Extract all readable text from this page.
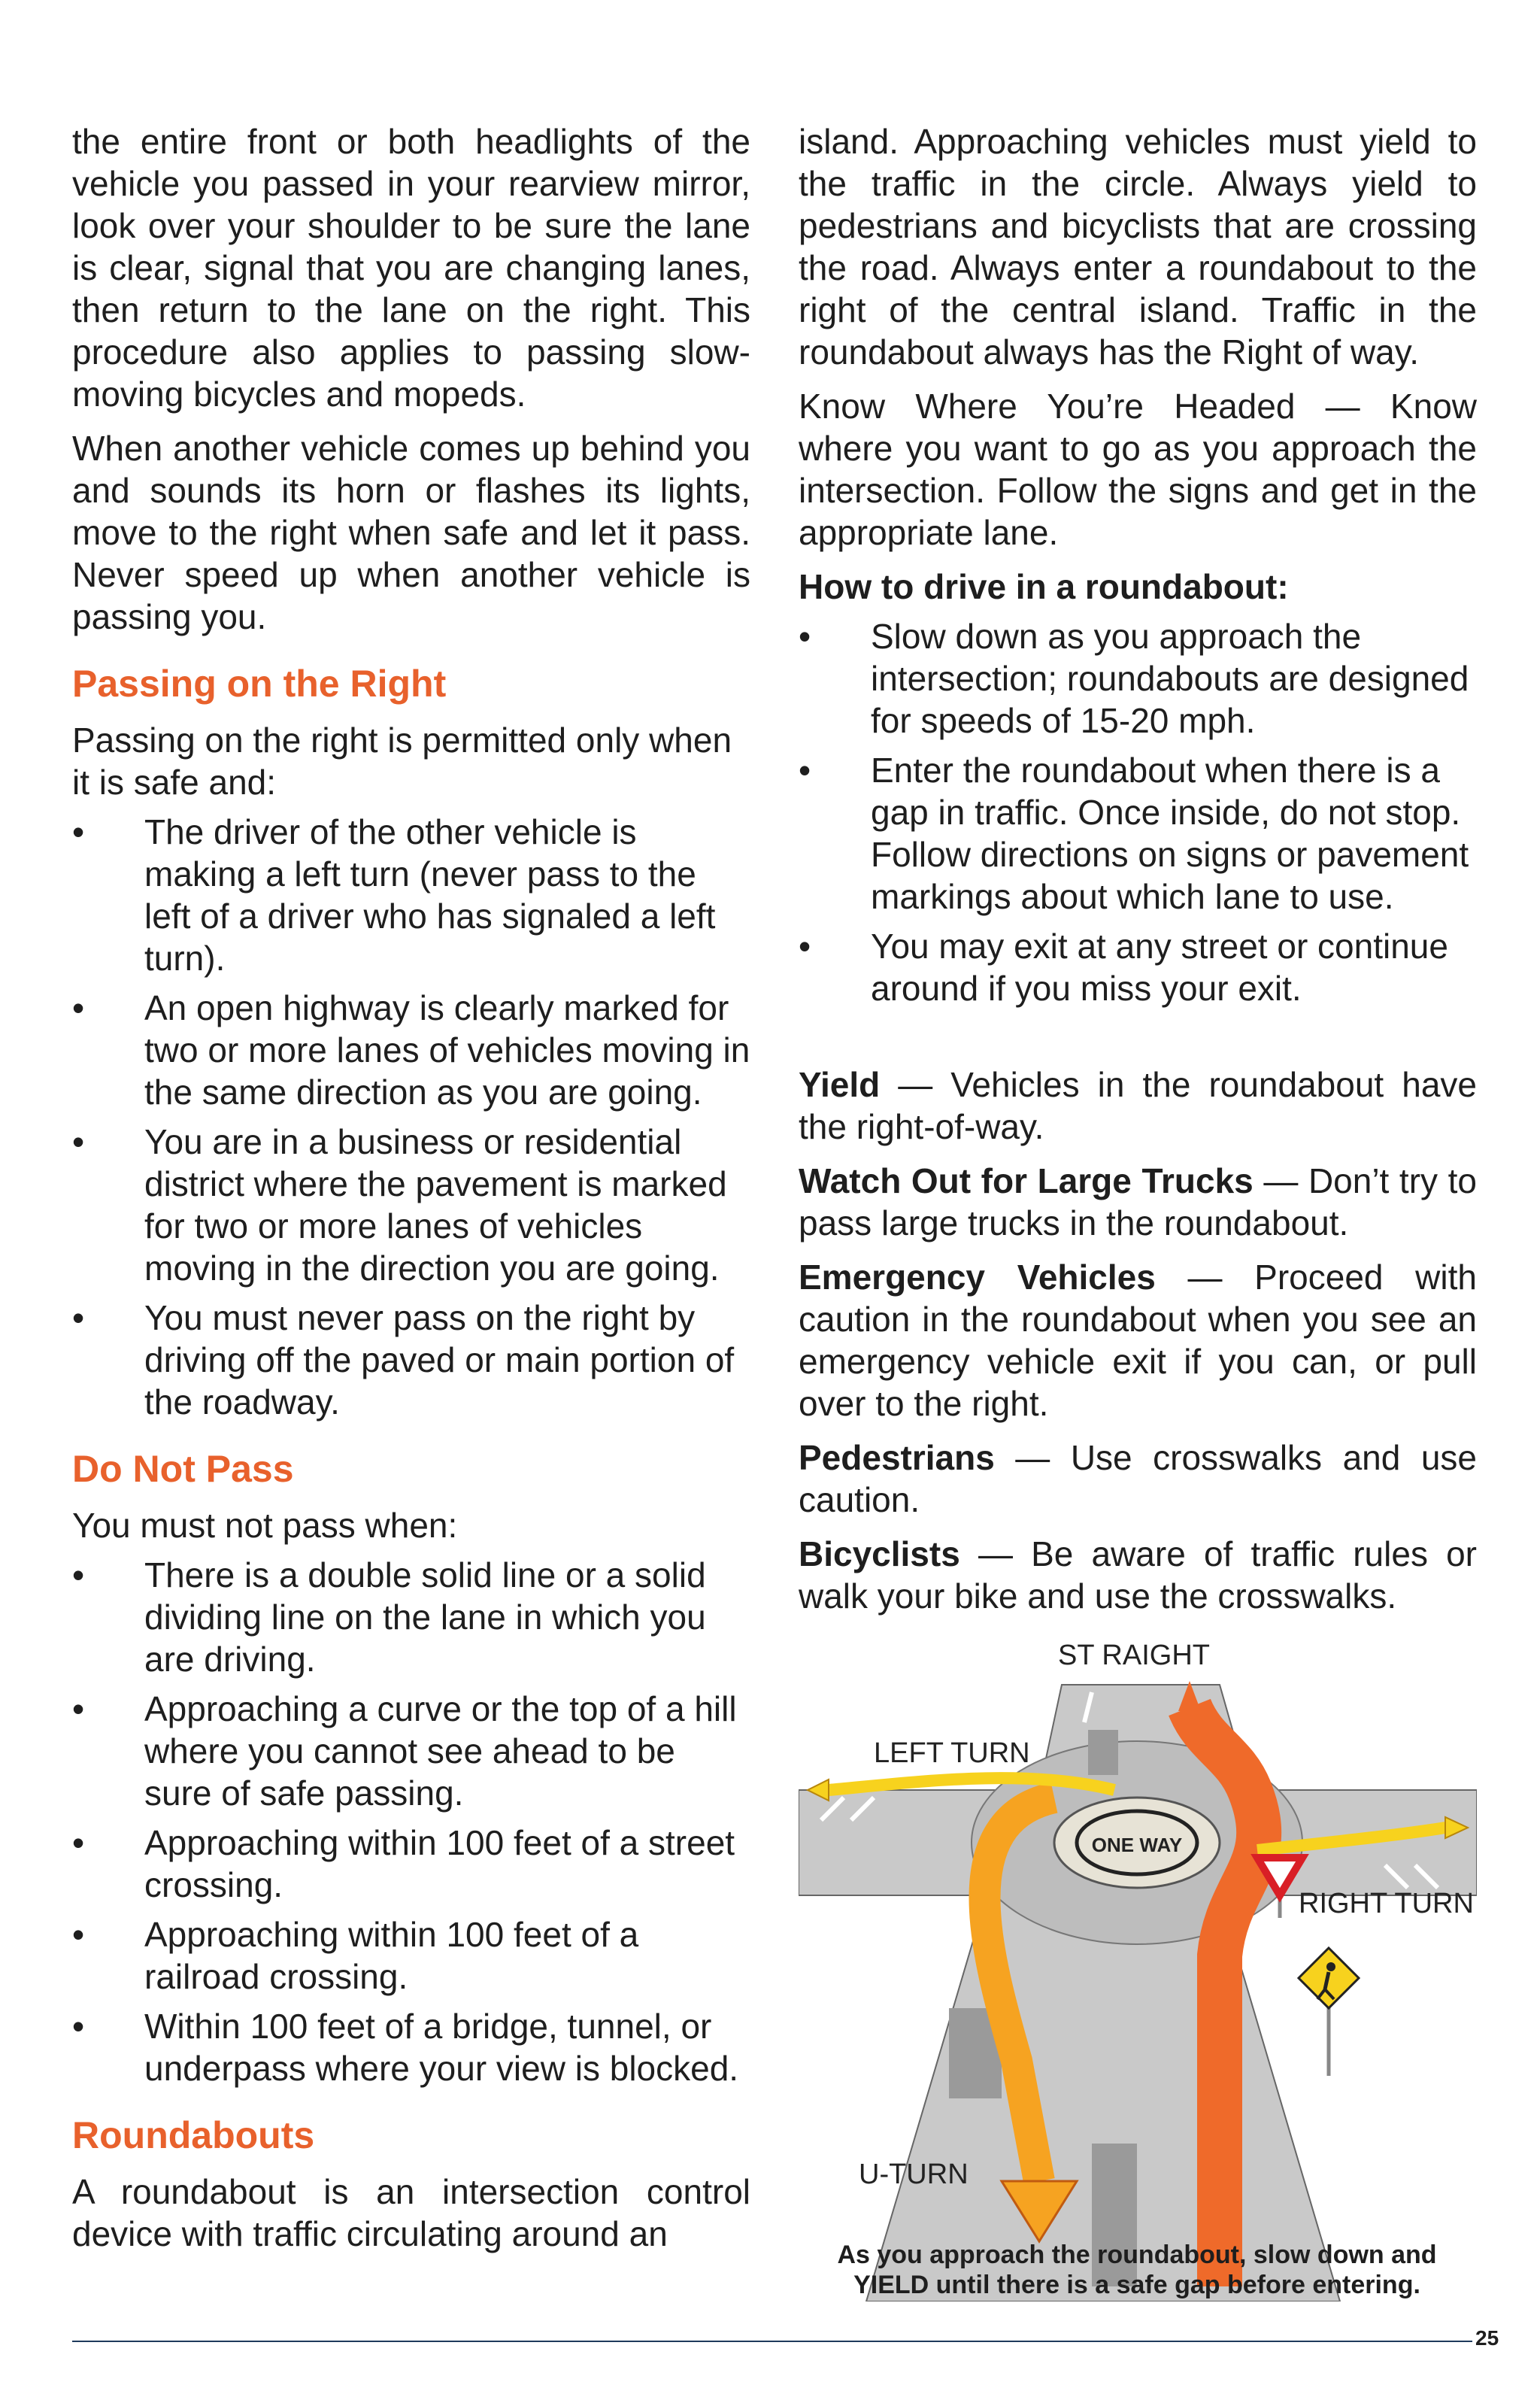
the entire front or both headlights of the vehicle you passed in your rearview mirror, look over your shoulder to be sure the lane is clear, signal that you are changing lanes, then return to the lane on the right. This procedure also applies to passing slow-moving bicycles and mopeds.

When another vehicle comes up behind you and sounds its horn or flashes its lights, move to the right when safe and let it pass. Never speed up when another vehicle is passing you.

Passing on the Right

Passing on the right is permitted only when it is safe and:

• The driver of the other vehicle is making a left turn (never pass to the left of a driver who has signaled a left turn).
• An open highway is clearly marked for two or more lanes of vehicles moving in the same direction as you are going.
• You are in a business or residential district where the pavement is marked for two or more lanes of vehicles moving in the direction you are going.
• You must never pass on the right by driving off the paved or main portion of the roadway.
Do Not Pass

You must not pass when:

• There is a double solid line or a solid dividing line on the lane in which you are driving.
• Approaching a curve or the top of a hill where you cannot see ahead to be sure of safe passing.
• Approaching within 100 feet of a street crossing.
• Approaching within 100 feet of a railroad crossing.
• Within 100 feet of a bridge, tunnel, or underpass where your view is blocked.
Roundabouts

A roundabout is an intersection control device with traffic circulating around an

island. Approaching vehicles must yield to the traffic in the circle. Always yield to pedestrians and bicyclists that are crossing the road. Always enter a roundabout to the right of the central island. Traffic in the roundabout always has the Right of way.

Know Where You’re Headed — Know where you want to go as you approach the intersection. Follow the signs and get in the appropriate lane.

How to drive in a roundabout:
• Slow down as you approach the intersection; roundabouts are designed for speeds of 15-20 mph.
• Enter the roundabout when there is a gap in traffic. Once inside, do not stop. Follow directions on signs or pavement markings about which lane to use.
• You may exit at any street or continue around if you miss your exit.

Yield — Vehicles in the roundabout have the right-of-way.

Watch Out for Large Trucks — Don’t try to pass large trucks in the roundabout.

Emergency Vehicles — Proceed with caution in the roundabout when you see an emergency vehicle exit if you can, or pull over to the right.

Pedestrians — Use crosswalks and use caution.

Bicyclists — Be aware of traffic rules or walk your bike and use the crosswalks.

ONE WAY
ST RAIGHT
LEFT TURN
RIGHT TURN
U-TURN
As you approach the roundabout, slow down and YIELD until there is a safe gap before entering.
25
